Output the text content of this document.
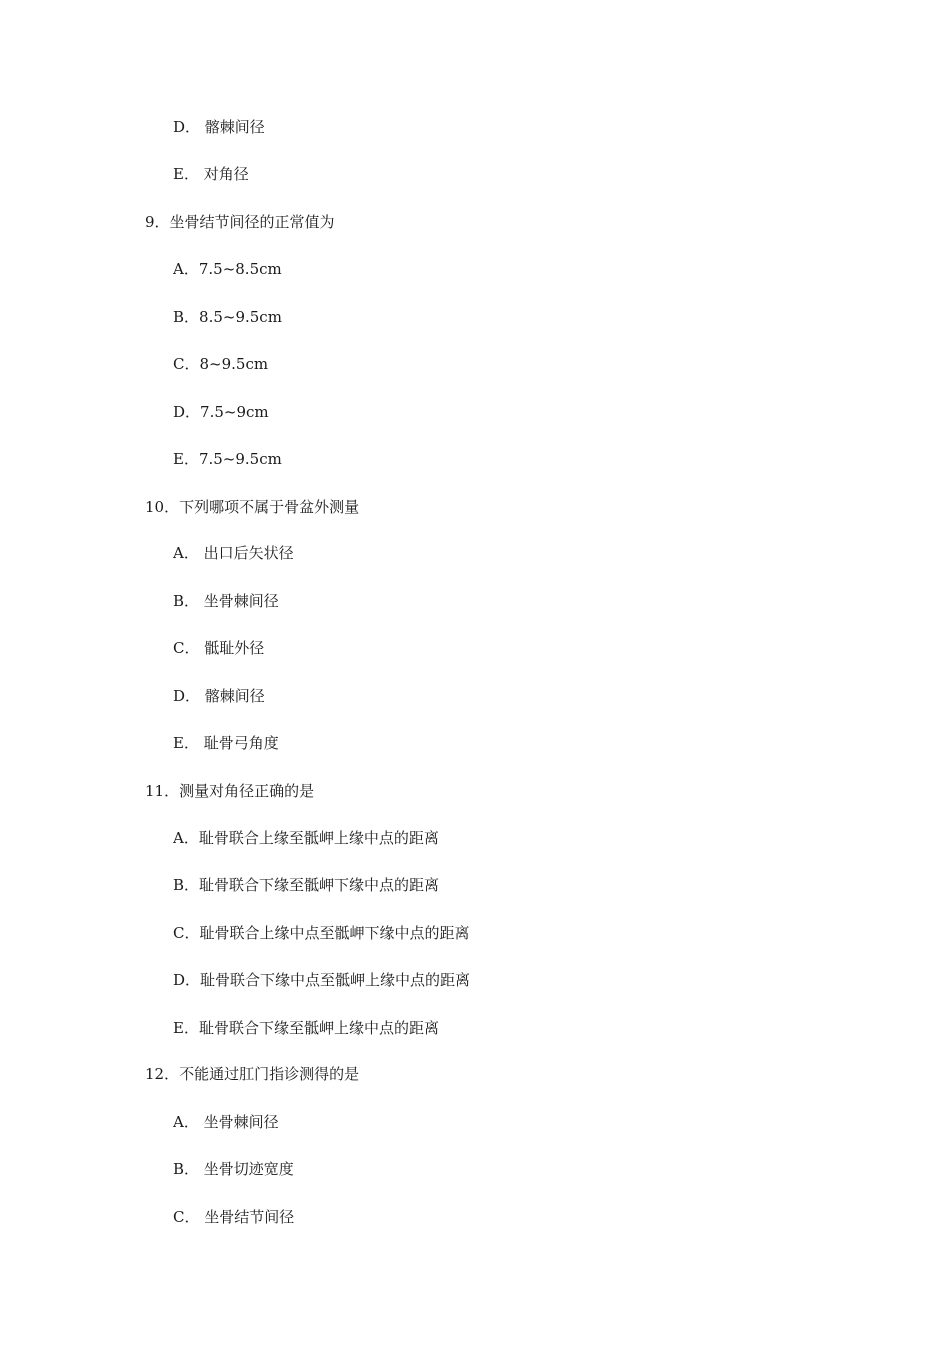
D． 髂棘间径
E． 对角径
9．坐骨结节间径的正常值为
A．7.5~8.5cm
B．8.5~9.5cm
C．8~9.5cm
D．7.5~9cm
E．7.5~9.5cm
10．下列哪项不属于骨盆外测量
A． 出口后矢状径
B． 坐骨棘间径
C． 骶耻外径
D． 髂棘间径
E． 耻骨弓角度
11．测量对角径正确的是
A．耻骨联合上缘至骶岬上缘中点的距离
B．耻骨联合下缘至骶岬下缘中点的距离
C．耻骨联合上缘中点至骶岬下缘中点的距离
D．耻骨联合下缘中点至骶岬上缘中点的距离
E．耻骨联合下缘至骶岬上缘中点的距离
12．不能通过肛门指诊测得的是
A． 坐骨棘间径
B． 坐骨切迹宽度
C． 坐骨结节间径
